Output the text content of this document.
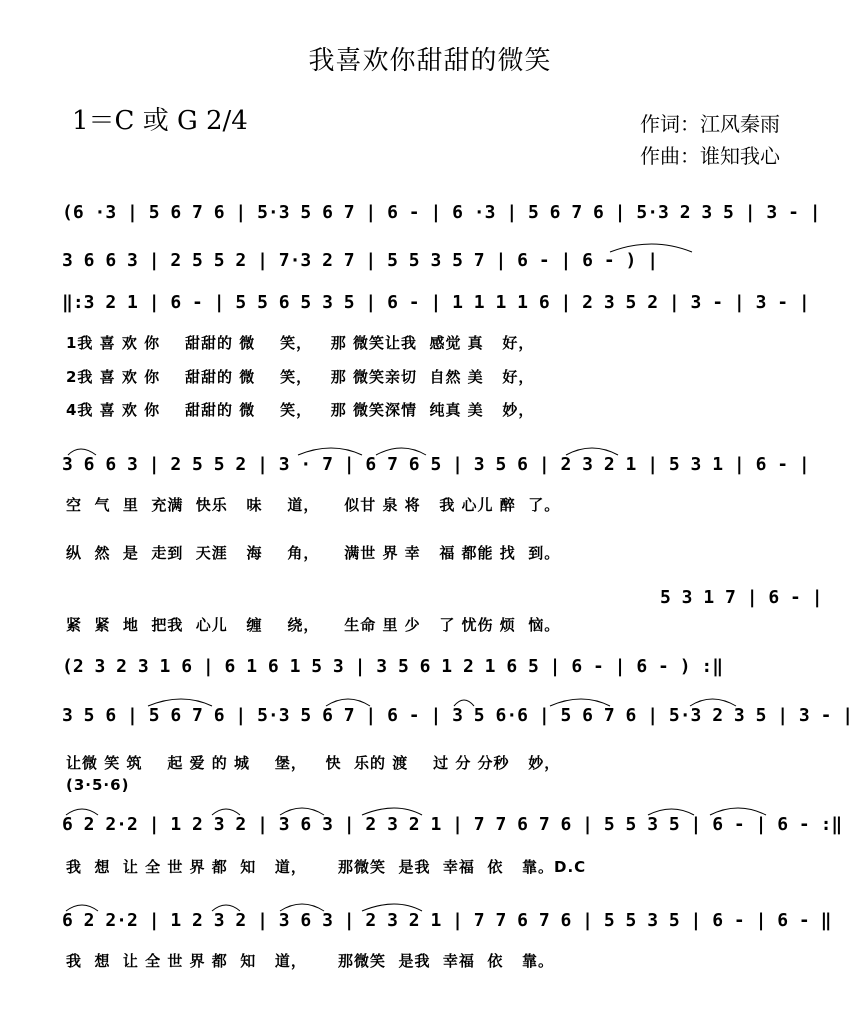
我喜欢你甜甜的微笑
1＝C 或 G 2/4	作词：江风秦雨
作曲：谁知我心
(6 ·3 | 5 6 7 6 | 5·3 5 6 7 | 6 - | 6 ·3 | 5 6 7 6 | 5·3 2 3 5 | 3 - |
3 6 6 3 | 2 5 5 2 | 7·3 2 7 | 5 5 3 5 7 | 6 - | 6 - ) |
‖:3 2 1 | 6 - | 5 5 6 5 3 5 | 6 - | 1 1 1 1 6 | 2 3 5 2 | 3 - | 3 - |
1我 喜 欢 你    甜甜的 微    笑，   那 微笑让我  感觉 真   好，
2我 喜 欢 你    甜甜的 微    笑，   那 微笑亲切  自然 美   好，
4我 喜 欢 你    甜甜的 微    笑，   那 微笑深情  纯真 美   妙，
3 6 6 3 | 2 5 5 2 | 3 · 7 | 6 7 6 5 | 3 5 6 | 2 3 2 1 | 5 3 1 | 6 - |
空  气  里  充满  快乐   味    道，    似甘 泉 将   我 心儿 醉  了。
纵  然  是  走到  天涯   海    角，    满世 界 幸   福 都能 找  到。
5 3 1 7 | 6 - |
紧  紧  地  把我  心儿   缠    绕，    生命 里 少   了 忧伤 烦  恼。
(2 3 2 3 1 6 | 6 1 6 1 5 3 | 3 5 6 1 2 1 6 5 | 6 - | 6 - ) :‖
3 5 6 | 5 6 7 6 | 5·3 5 6 7 | 6 - | 3 5 6·6 | 5 6 7 6 | 5·3 2 3 5 | 3 - |
让微 笑 筑    起 爱 的 城    堡，   快  乐的 渡    过 分 分秒   妙，
(3·5·6)
6 2 2·2 | 1 2 3 2 | 3 6 3 | 2 3 2 1 | 7 7 6 7 6 | 5 5 3 5 | 6 - | 6 - :‖
我  想  让 全 世 界 都  知   道，     那微笑  是我  幸福  依   靠。D.C
6 2 2·2 | 1 2 3 2 | 3 6 3 | 2 3 2 1 | 7 7 6 7 6 | 5 5 3 5 | 6 - | 6 - ‖
我  想  让 全 世 界 都  知   道，     那微笑  是我  幸福  依   靠。
